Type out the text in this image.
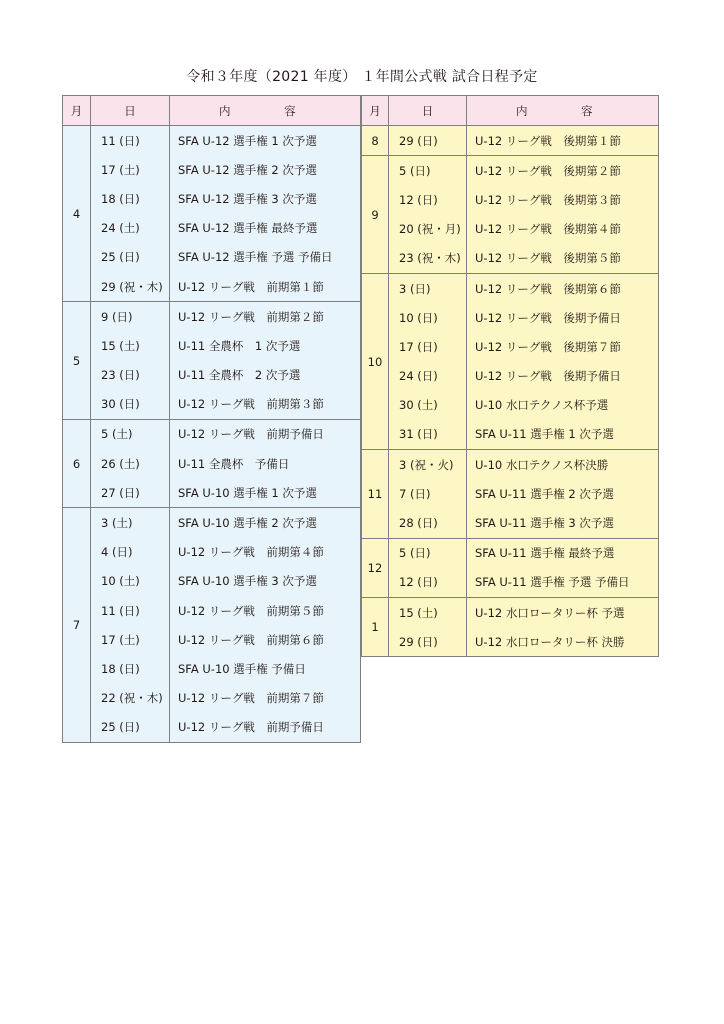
令和３年度（2021 年度） １年間公式戦 試合日程予定
月	日	内 容
4	11 (日)	SFA U-12 選手権 1 次予選
	17 (土)	SFA U-12 選手権 2 次予選
	18 (日)	SFA U-12 選手権 3 次予選
	24 (土)	SFA U-12 選手権 最終予選
	25 (日)	SFA U-12 選手権 予選 予備日
	29 (祝・木)	U-12 リーグ戦　前期第１節
5	9 (日)	U-12 リーグ戦　前期第２節
	15 (土)	U-11 全農杯　1 次予選
	23 (日)	U-11 全農杯　2 次予選
	30 (日)	U-12 リーグ戦　前期第３節
6	5 (土)	U-12 リーグ戦　前期予備日
	26 (土)	U-11 全農杯　予備日
	27 (日)	SFA U-10 選手権 1 次予選
7	3 (土)	SFA U-10 選手権 2 次予選
	4 (日)	U-12 リーグ戦　前期第４節
	10 (土)	SFA U-10 選手権 3 次予選
	11 (日)	U-12 リーグ戦　前期第５節
	17 (土)	U-12 リーグ戦　前期第６節
	18 (日)	SFA U-10 選手権 予備日
	22 (祝・木)	U-12 リーグ戦　前期第７節
	25 (日)	U-12 リーグ戦　前期予備日
月	日	内 容
8	29 (日)	U-12 リーグ戦　後期第１節
9	5 (日)	U-12 リーグ戦　後期第２節
	12 (日)	U-12 リーグ戦　後期第３節
	20 (祝・月)	U-12 リーグ戦　後期第４節
	23 (祝・木)	U-12 リーグ戦　後期第５節
10	3 (日)	U-12 リーグ戦　後期第６節
	10 (日)	U-12 リーグ戦　後期予備日
	17 (日)	U-12 リーグ戦　後期第７節
	24 (日)	U-12 リーグ戦　後期予備日
	30 (土)	U-10 水口テクノス杯予選
	31 (日)	SFA U-11 選手権 1 次予選
11	3 (祝・火)	U-10 水口テクノス杯決勝
	7 (日)	SFA U-11 選手権 2 次予選
	28 (日)	SFA U-11 選手権 3 次予選
12	5 (日)	SFA U-11 選手権 最終予選
	12 (日)	SFA U-11 選手権 予選 予備日
1	15 (土)	U-12 水口ロータリー杯 予選
	29 (日)	U-12 水口ロータリー杯 決勝
